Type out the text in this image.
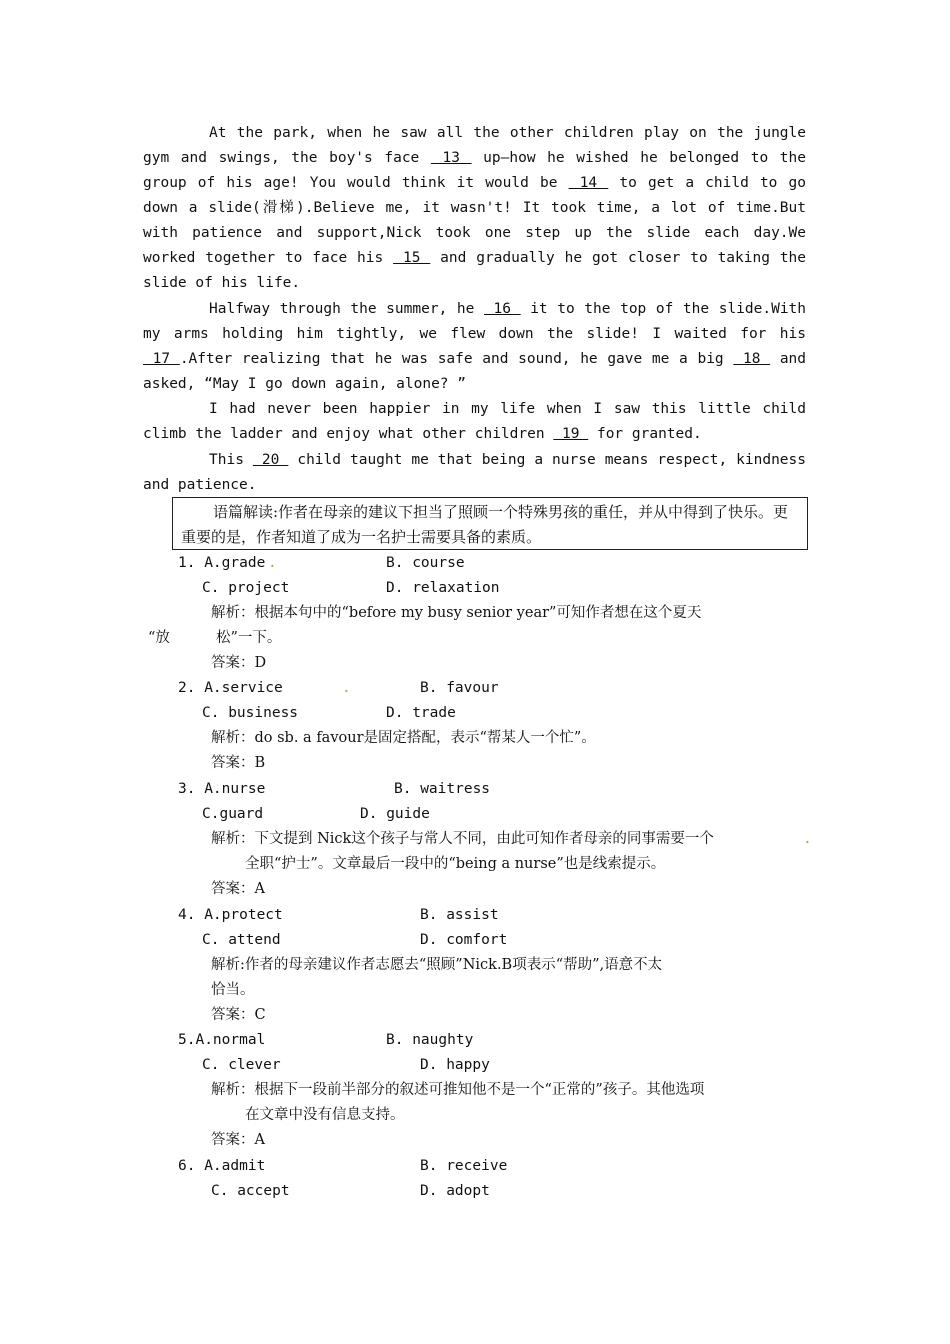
At the park, when he saw all the other children play on the jungle gym and swings, the boy's face  13  up—how he wished he belonged to the group of his age! You would think it would be  14  to get a child to go down a slide(滑梯).Believe me, it wasn't! It took time, a lot of time.But with patience and support,Nick took one step up the slide each day.We worked together to face his  15  and gradually he got closer to taking the slide of his life.

Halfway through the summer, he  16  it to the top of the slide.With my arms holding him tightly, we flew down the slide! I waited for his  17 .After realizing that he was safe and sound, he gave me a big  18  and asked, “May I go down again, alone? ”

I had never been happier in my life when I saw this little child climb the ladder and enjoy what other children  19  for granted.

This  20  child taught me that being a nurse means respect, kindness and patience.

语篇解读:作者在母亲的建议下担当了照顾一个特殊男孩的重任，并从中得到了快乐。更重要的是，作者知道了成为一名护士需要具备的素质。
1. A.grade .	B. course
C. project	D. relaxation
解析：根据本句中的“before my busy senior year”可知作者想在这个夏天
“放          松”一下。
答案：D
2. A.service	.	B. favour
C. business	D. trade
解析：do sb. a favour是固定搭配，表示“帮某人一个忙”。
答案：B
3. A.nurse	B. waitress
C.guard	D. guide
解析：下文提到 Nick这个孩子与常人不同，由此可知作者母亲的同事需要一个	.
全职“护士”。文章最后一段中的“being a nurse”也是线索提示。
答案：A
4. A.protect	B. assist
C. attend	D. comfort
解析:作者的母亲建议作者志愿去“照顾”Nick.B项表示“帮助”,语意不太
恰当。
答案：C
5.A.normal	B. naughty
C. clever	D. happy
解析：根据下一段前半部分的叙述可推知他不是一个“正常的”孩子。其他选项
在文章中没有信息支持。
答案：A
6. A.admit	B. receive
C. accept	D. adopt
